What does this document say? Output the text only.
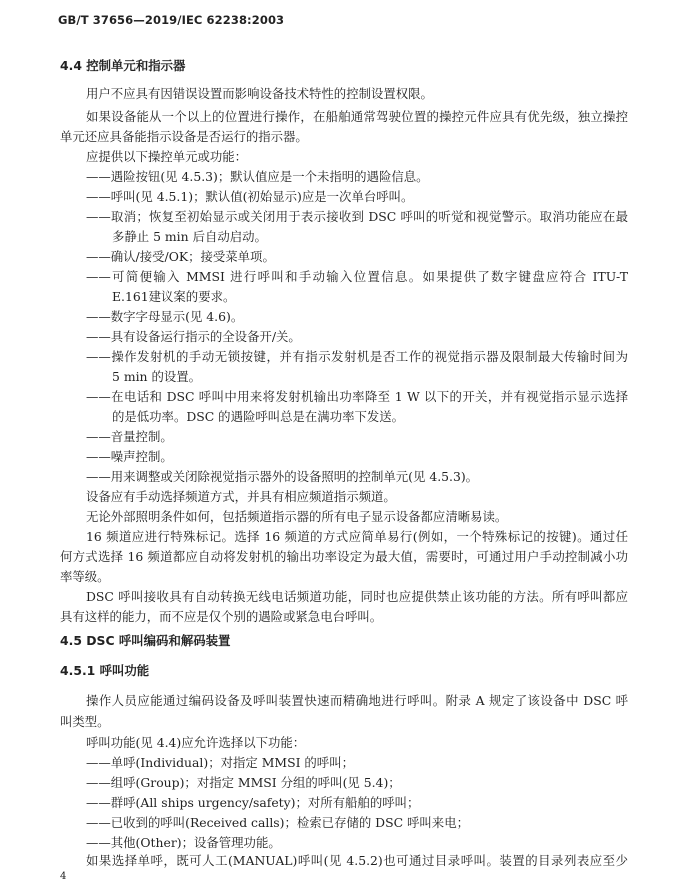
GB/T 37656—2019/IEC 62238:2003
4.4 控制单元和指示器
用户不应具有因错误设置而影响设备技术特性的控制设置权限。
如果设备能从一个以上的位置进行操作，在船舶通常驾驶位置的操控元件应具有优先级，独立操控
单元还应具备能指示设备是否运行的指示器。
应提供以下操控单元或功能：
——遇险按钮(见 4.5.3)；默认值应是一个未指明的遇险信息。
——呼叫(见 4.5.1)；默认值(初始显示)应是一次单台呼叫。
——取消；恢复至初始显示或关闭用于表示接收到 DSC 呼叫的听觉和视觉警示。取消功能应在最
多静止 5 min 后自动启动。
——确认/接受/OK；接受菜单项。
——可简便输入 MMSI 进行呼叫和手动输入位置信息。如果提供了数字键盘应符合 ITU-T
E.161建议案的要求。
——数字字母显示(见 4.6)。
——具有设备运行指示的全设备开/关。
——操作发射机的手动无锁按键，并有指示发射机是否工作的视觉指示器及限制最大传输时间为
5 min 的设置。
——在电话和 DSC 呼叫中用来将发射机输出功率降至 1 W 以下的开关，并有视觉指示显示选择
的是低功率。DSC 的遇险呼叫总是在满功率下发送。
——音量控制。
——噪声控制。
——用来调整或关闭除视觉指示器外的设备照明的控制单元(见 4.5.3)。
设备应有手动选择频道方式，并具有相应频道指示频道。
无论外部照明条件如何，包括频道指示器的所有电子显示设备都应清晰易读。
16 频道应进行特殊标记。选择 16 频道的方式应简单易行(例如，一个特殊标记的按键)。通过任
何方式选择 16 频道都应自动将发射机的输出功率设定为最大值，需要时，可通过用户手动控制减小功
率等级。
DSC 呼叫接收具有自动转换无线电话频道功能，同时也应提供禁止该功能的方法。所有呼叫都应
具有这样的能力，而不应是仅个别的遇险或紧急电台呼叫。
4.5 DSC 呼叫编码和解码装置
4.5.1 呼叫功能
操作人员应能通过编码设备及呼叫装置快速而精确地进行呼叫。附录 A 规定了该设备中 DSC 呼
叫类型。
呼叫功能(见 4.4)应允许选择以下功能：
——单呼(Individual)；对指定 MMSI 的呼叫；
——组呼(Group)；对指定 MMSI 分组的呼叫(见 5.4)；
——群呼(All ships urgency/safety)；对所有船舶的呼叫；
——已收到的呼叫(Received calls)；检索已存储的 DSC 呼叫来电；
——其他(Other)；设备管理功能。
如果选择单呼，既可人工(MANUAL)呼叫(见 4.5.2)也可通过目录呼叫。装置的目录列表应至少
4
